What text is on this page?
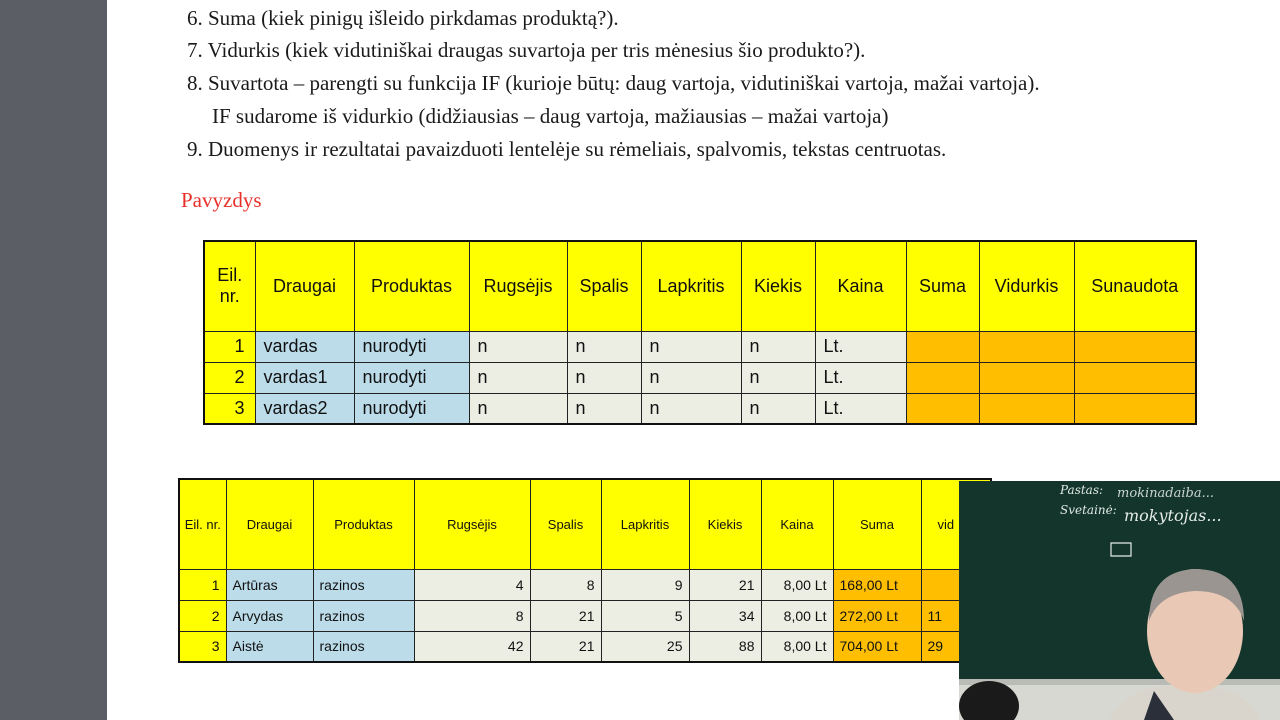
6. Suma (kiek pinigų išleido pirkdamas produktą?).
7. Vidurkis (kiek vidutiniškai draugas suvartoja per tris mėnesius šio produkto?).
8. Suvartota – parengti su funkcija IF (kurioje būtų: daug vartoja, vidutiniškai vartoja, mažai vartoja).
IF sudarome iš vidurkio (didžiausias – daug vartoja, mažiausias – mažai vartoja)
9. Duomenys ir rezultatai pavaizduoti lentelėje su rėmeliais, spalvomis, tekstas centruotas.
Pavyzdys
Eil. nr.	Draugai	Produktas	Rugsėjis	Spalis	Lapkritis	Kiekis	Kaina	Suma	Vidurkis	Sunaudota
1	vardas	nurodyti	n	n	n	n	Lt.			
2	vardas1	nurodyti	n	n	n	n	Lt.			
3	vardas2	nurodyti	n	n	n	n	Lt.			
Eil. nr.	Draugai	Produktas	Rugsėjis	Spalis	Lapkritis	Kiekis	Kaina	Suma	vid
1	Artūras	razinos	4	8	9	21	8,00 Lt	168,00 Lt	
2	Arvydas	razinos	8	21	5	34	8,00 Lt	272,00 Lt	11
3	Aistė	razinos	42	21	25	88	8,00 Lt	704,00 Lt	29
Pastas: mokinadaiba...
Svetainė: mokytojas...
